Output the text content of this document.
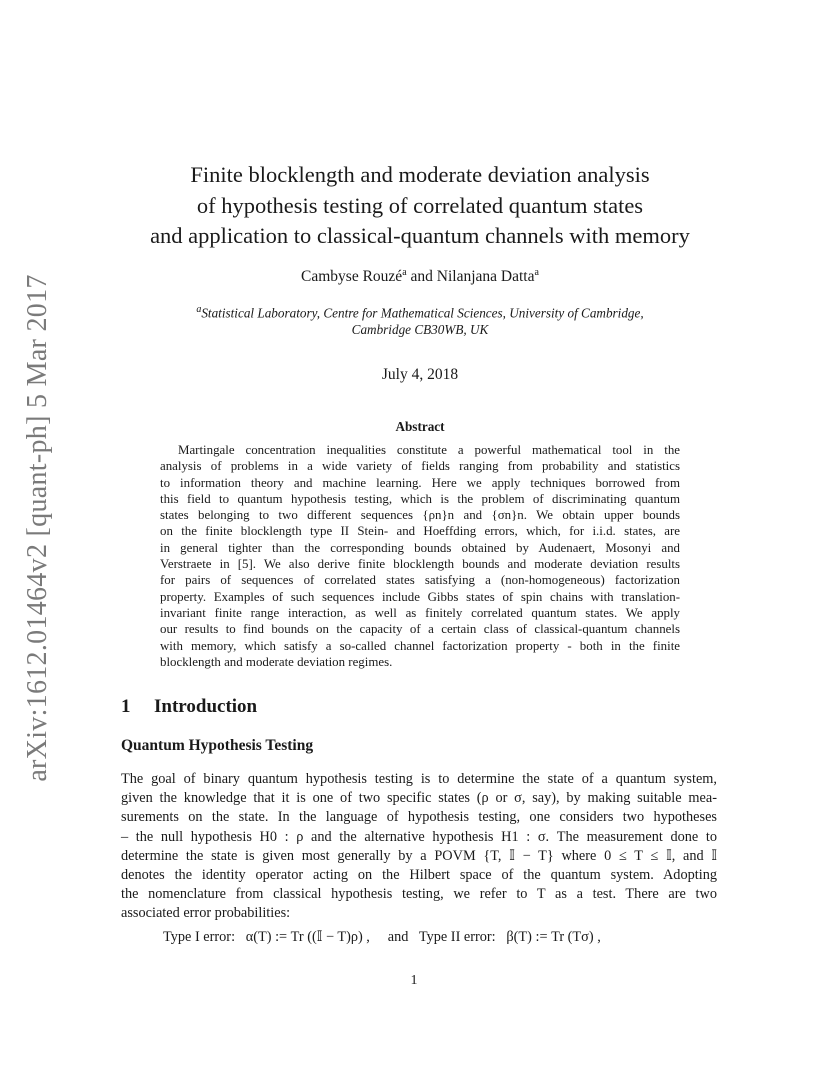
arXiv:1612.01464v2 [quant-ph] 5 Mar 2017
Finite blocklength and moderate deviation analysis
of hypothesis testing of correlated quantum states
and application to classical-quantum channels with memory
Cambyse Rouzé$^a$ and Nilanjana Datta$^a$
$^a$Statistical Laboratory, Centre for Mathematical Sciences, University of Cambridge,
Cambridge CB30WB, UK
July 4, 2018
Abstract
Martingale concentration inequalities constitute a powerful mathematical tool in the
analysis of problems in a wide variety of fields ranging from probability and statistics
to information theory and machine learning. Here we apply techniques borrowed from
this field to quantum hypothesis testing, which is the problem of discriminating quantum
states belonging to two different sequences {ρn}n and {σn}n. We obtain upper bounds
on the finite blocklength type II Stein- and Hoeffding errors, which, for i.i.d. states, are
in general tighter than the corresponding bounds obtained by Audenaert, Mosonyi and
Verstraete in [5]. We also derive finite blocklength bounds and moderate deviation results
for pairs of sequences of correlated states satisfying a (non-homogeneous) factorization
property. Examples of such sequences include Gibbs states of spin chains with translation-
invariant finite range interaction, as well as finitely correlated quantum states. We apply
our results to find bounds on the capacity of a certain class of classical-quantum channels
with memory, which satisfy a so-called channel factorization property - both in the finite
blocklength and moderate deviation regimes.
1 Introduction
Quantum Hypothesis Testing
The goal of binary quantum hypothesis testing is to determine the state of a quantum system,
given the knowledge that it is one of two specific states (ρ or σ, say), by making suitable mea-
surements on the state. In the language of hypothesis testing, one considers two hypotheses
– the null hypothesis H0 : ρ and the alternative hypothesis H1 : σ. The measurement done to
determine the state is given most generally by a POVM {T, 𝕀 − T} where 0 ≤ T ≤ 𝕀, and 𝕀
denotes the identity operator acting on the Hilbert space of the quantum system. Adopting
the nomenclature from classical hypothesis testing, we refer to T as a test. There are two
associated error probabilities:
Type I error:   α(T) := Tr ((𝕀 − T)ρ) ,     and   Type II error:   β(T) := Tr (Tσ) ,
1
